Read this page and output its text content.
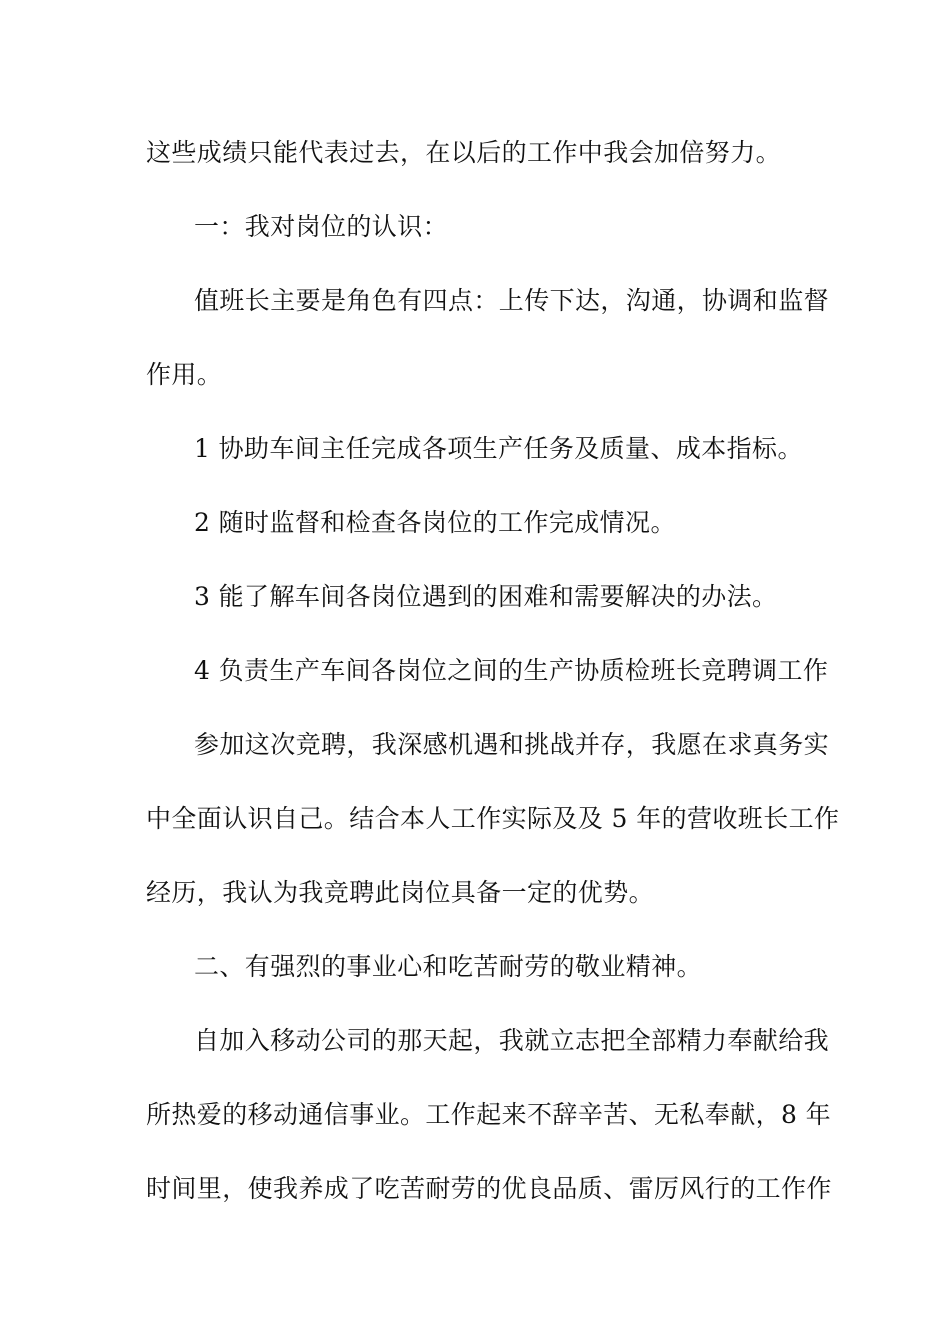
这些成绩只能代表过去，在以后的工作中我会加倍努力。
一：我对岗位的认识：
值班长主要是角色有四点：上传下达，沟通，协调和监督
作用。
1 协助车间主任完成各项生产任务及质量、成本指标。
2 随时监督和检查各岗位的工作完成情况。
3 能了解车间各岗位遇到的困难和需要解决的办法。
4 负责生产车间各岗位之间的生产协质检班长竞聘调工作
参加这次竞聘，我深感机遇和挑战并存，我愿在求真务实
中全面认识自己。结合本人工作实际及及 5 年的营收班长工作
经历，我认为我竞聘此岗位具备一定的优势。
二、有强烈的事业心和吃苦耐劳的敬业精神。
自加入移动公司的那天起，我就立志把全部精力奉献给我
所热爱的移动通信事业。工作起来不辞辛苦、无私奉献，8 年
时间里，使我养成了吃苦耐劳的优良品质、雷厉风行的工作作
